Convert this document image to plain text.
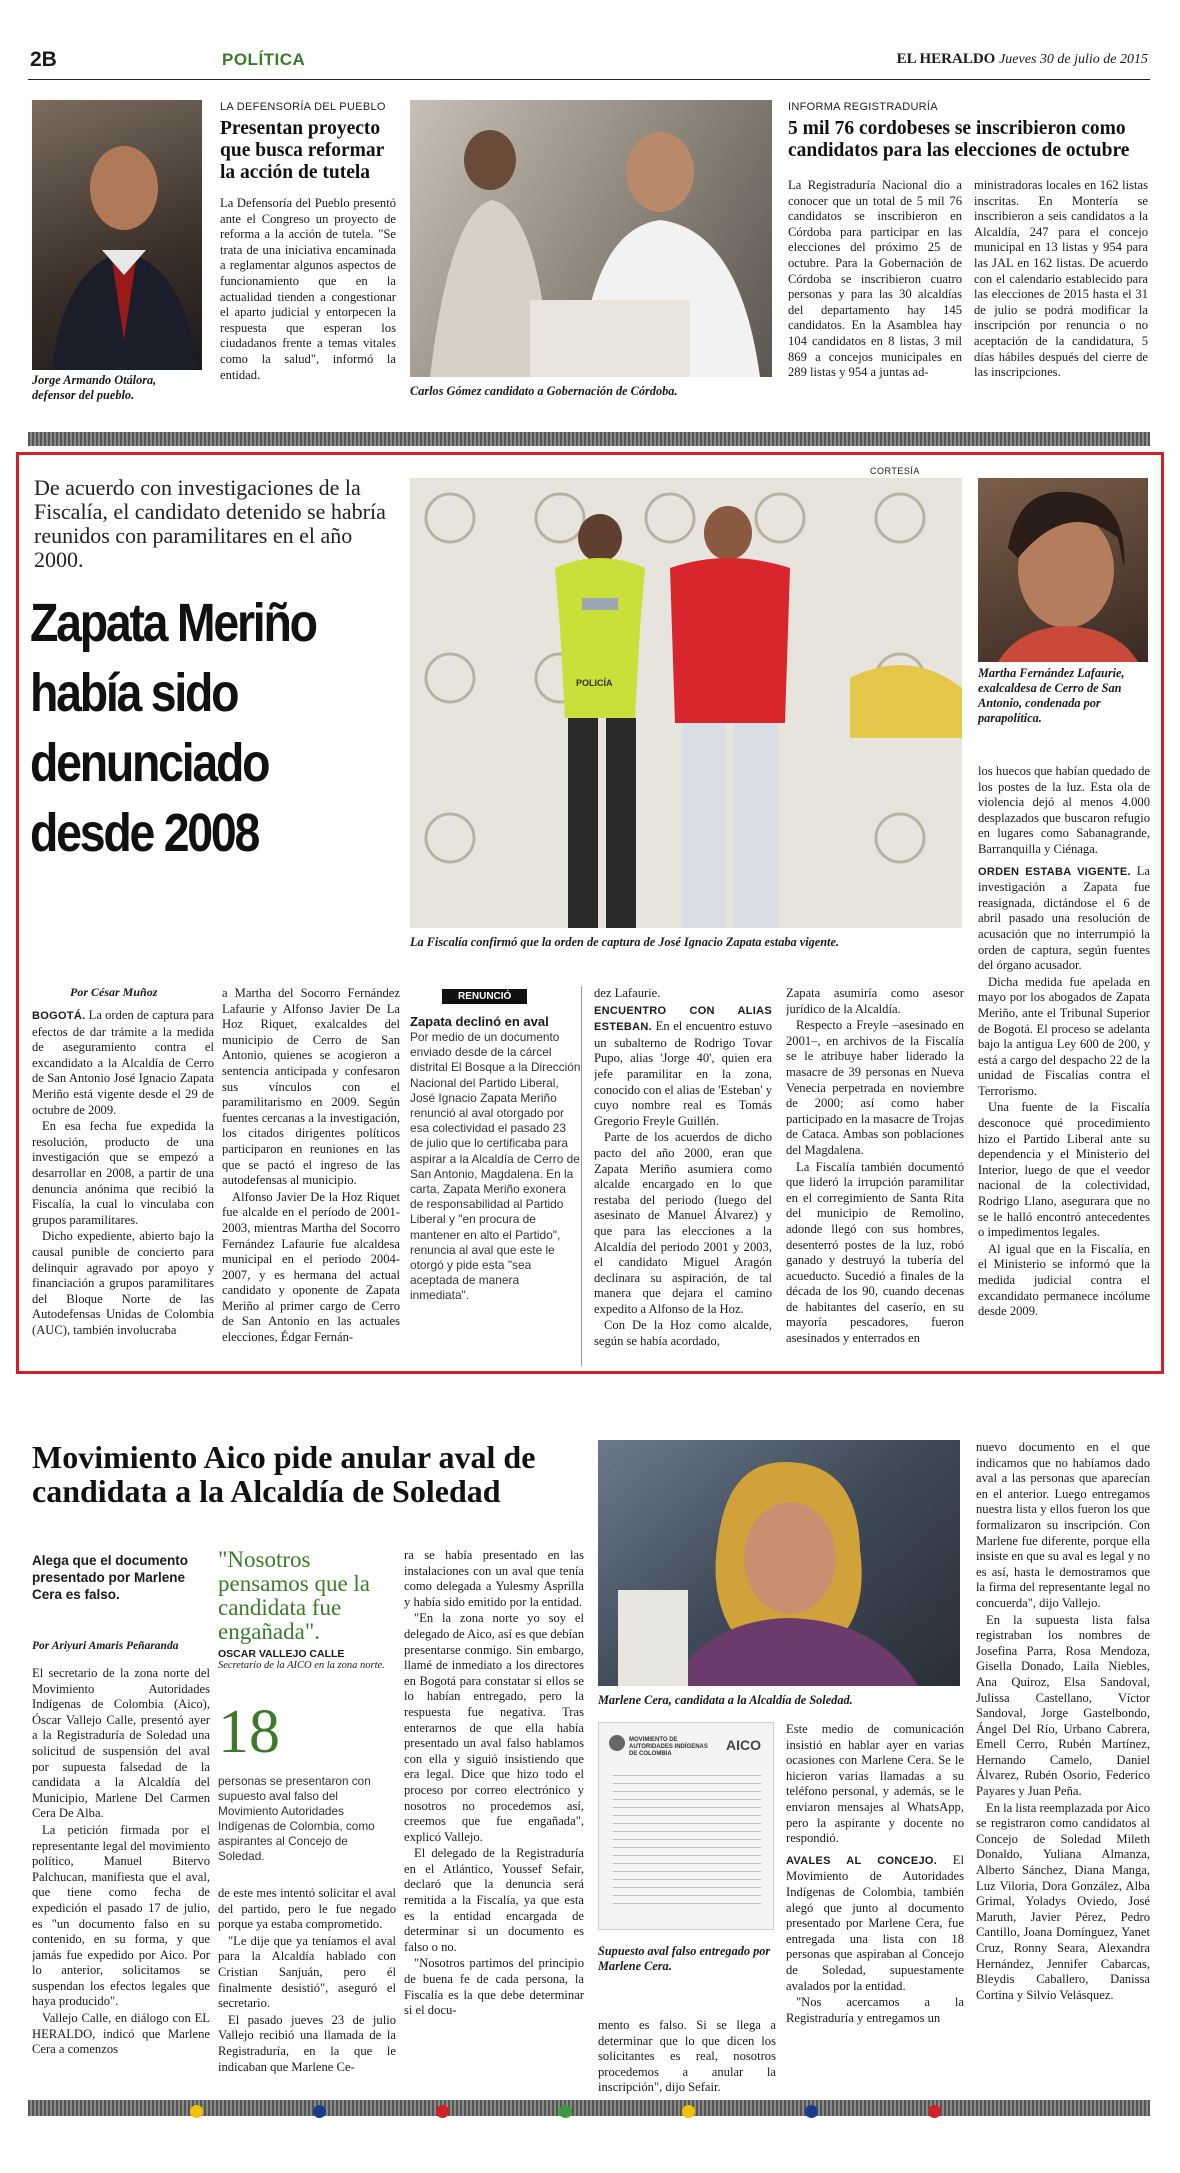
2B	POLÍTICA	EL HERALDO Jueves 30 de julio de 2015
Jorge Armando Otálora, defensor del pueblo.
LA DEFENSORÍA DEL PUEBLO
Presentan proyecto que busca reformar la acción de tutela

La Defensoría del Pueblo presentó ante el Congreso un proyecto de reforma a la acción de tutela. "Se trata de una iniciativa encaminada a reglamentar algunos aspectos de funcionamiento que en la actualidad tienden a congestionar el aparto judicial y entorpecen la respuesta que esperan los ciudadanos frente a temas vitales como la salud", informó la entidad.

Carlos Gómez candidato a Gobernación de Córdoba.
INFORMA REGISTRADURÍA
5 mil 76 cordobeses se inscribieron como candidatos para las elecciones de octubre

La Registraduría Nacional dio a conocer que un total de 5 mil 76 candidatos se inscribieron en Córdoba para participar en las elecciones del próximo 25 de octubre. Para la Gobernación de Córdoba se inscribieron cuatro personas y para las 30 alcaldías del departamento hay 145 candidatos. En la Asamblea hay 104 candidatos en 8 listas, 3 mil 869 a concejos municipales en 289 listas y 954 a juntas ad-

ministradoras locales en 162 listas inscritas. En Montería se inscribieron a seis candidatos a la Alcaldía, 247 para el concejo municipal en 13 listas y 954 para las JAL en 162 listas. De acuerdo con el calendario establecido para las elecciones de 2015 hasta el 31 de julio se podrá modificar la inscripción por renuncia o no aceptación de la candidatura, 5 días hábiles después del cierre de las inscripciones.

De acuerdo con investigaciones de la Fiscalía, el candidato detenido se habría reunidos con paramilitares en el año 2000.
Zapata Meriño
había sido
denunciado
desde 2008
CORTESÍA
POLICÍA
La Fiscalía confirmó que la orden de captura de José Ignacio Zapata estaba vigente.
Martha Fernández Lafaurie, exalcaldesa de Cerro de San Antonio, condenada por parapolítica.
Por César Muñoz

BOGOTÁ. La orden de captura para efectos de dar trámite a la medida de aseguramiento contra el excandidato a la Alcaldía de Cerro de San Antonio José Ignacio Zapata Meriño está vigente desde el 29 de octubre de 2009.

En esa fecha fue expedida la resolución, producto de una investigación que se empezó a desarrollar en 2008, a partir de una denuncia anónima que recibió la Fiscalía, la cual lo vinculaba con grupos paramilitares.

Dicho expediente, abierto bajo la causal punible de concierto para delinquir agravado por apoyo y financiación a grupos paramilitares del Bloque Norte de las Autodefensas Unidas de Colombia (AUC), también involucraba

a Martha del Socorro Fernández Lafaurie y Alfonso Javier De La Hoz Riquet, exalcaldes del municipio de Cerro de San Antonio, quienes se acogieron a sentencia anticipada y confesaron sus vínculos con el paramilitarismo en 2009. Según fuentes cercanas a la investigación, los citados dirigentes políticos participaron en reuniones en las que se pactó el ingreso de las autodefensas al municipio.

Alfonso Javier De la Hoz Riquet fue alcalde en el período de 2001-2003, mientras Martha del Socorro Fernández Lafaurie fue alcaldesa municipal en el periodo 2004-2007, y es hermana del actual candidato y oponente de Zapata Meriño al primer cargo de Cerro de San Antonio en las actuales elecciones, Édgar Fernán-

RENUNCIÓ
Zapata declinó en aval
Por medio de un documento enviado desde de la cárcel distrital El Bosque a la Dirección Nacional del Partido Liberal, José Ignacio Zapata Meriño renunció al aval otorgado por esa colectividad el pasado 23 de julio que lo certificaba para aspirar a la Alcaldía de Cerro de San Antonio, Magdalena. En la carta, Zapata Meriño exonera de responsabilidad al Partido Liberal y "en procura de mantener en alto el Partido", renuncia al aval que este le otorgó y pide esta "sea aceptada de manera inmediata".

dez Lafaurie.

ENCUENTRO CON ALIAS ESTEBAN. En el encuentro estuvo un subalterno de Rodrigo Tovar Pupo, alias 'Jorge 40', quien era jefe paramilitar en la zona, conocido con el alias de 'Esteban' y cuyo nombre real es Tomás Gregorio Freyle Guillén.

Parte de los acuerdos de dicho pacto del año 2000, eran que Zapata Meriño asumiera como alcalde encargado en lo que restaba del periodo (luego del asesinato de Manuel Álvarez) y que para las elecciones a la Alcaldía del periodo 2001 y 2003, el candidato Miguel Aragón declinara su aspiración, de tal manera que dejara el camino expedito a Alfonso de la Hoz.

Con De la Hoz como alcalde, según se había acordado,

Zapata asumiría como asesor jurídico de la Alcaldía.

Respecto a Freyle –asesinado en 2001–, en archivos de la Fiscalía se le atribuye haber liderado la masacre de 39 personas en Nueva Venecia perpetrada en noviembre de 2000; así como haber participado en la masacre de Trojas de Cataca. Ambas son poblaciones del Magdalena.

La Fiscalía también documentó que lideró la irrupción paramilitar en el corregimiento de Santa Rita del municipio de Remolino, adonde llegó con sus hombres, desenterró postes de la luz, robó ganado y destruyó la tubería del acueducto. Sucedió a finales de la década de los 90, cuando decenas de habitantes del caserío, en su mayoría pescadores, fueron asesinados y enterrados en

los huecos que habían quedado de los postes de la luz. Esta ola de violencia dejó al menos 4.000 desplazados que buscaron refugio en lugares como Sabanagrande, Barranquilla y Ciénaga.

ORDEN ESTABA VIGENTE. La investigación a Zapata fue reasignada, dictándose el 6 de abril pasado una resolución de acusación que no interrumpió la orden de captura, según fuentes del órgano acusador.

Dicha medida fue apelada en mayo por los abogados de Zapata Meriño, ante el Tribunal Superior de Bogotá. El proceso se adelanta bajo la antigua Ley 600 de 200, y está a cargo del despacho 22 de la unidad de Fiscalías contra el Terrorismo.

Una fuente de la Fiscalía desconoce qué procedimiento hizo el Partido Liberal ante su dependencia y el Ministerio del Interior, luego de que el veedor nacional de la colectividad, Rodrigo Llano, asegurara que no se le halló encontró antecedentes o impedimentos legales.

Al igual que en la Fiscalía, en el Ministerio se informó que la medida judicial contra el excandidato permanece incólume desde 2009.

Movimiento Aico pide anular aval de candidata a la Alcaldía de Soledad
Alega que el documento presentado por Marlene Cera es falso.
Por Ariyuri Amaris Peñaranda

El secretario de la zona norte del Movimiento Autoridades Indígenas de Colombia (Aico), Óscar Vallejo Calle, presentó ayer a la Registraduría de Soledad una solicitud de suspensión del aval por supuesta falsedad de la candidata a la Alcaldía del Municipio, Marlene Del Carmen Cera De Alba.

La petición firmada por el representante legal del movimiento político, Manuel Bitervo Palchucan, manifiesta que el aval, que tiene como fecha de expedición el pasado 17 de julio, es "un documento falso en su contenido, en su forma, y que jamás fue expedido por Aico. Por lo anterior, solicitamos se suspendan los efectos legales que haya producido".

Vallejo Calle, en diálogo con EL HERALDO, indicó que Marlene Cera a comenzos

"Nosotros pensamos que la candidata fue engañada".
OSCAR VALLEJO CALLE
Secretario de la AICO en la zona norte.
18
personas se presentaron con supuesto aval falso del Movimiento Autoridades Indígenas de Colombia, como aspirantes al Concejo de Soledad.

de este mes intentó solicitar el aval del partido, pero le fue negado porque ya estaba comprometido.

"Le dije que ya teníamos el aval para la Alcaldía hablado con Cristian Sanjuán, pero él finalmente desistió", aseguró el secretario.

El pasado jueves 23 de julio Vallejo recibió una llamada de la Registraduría, en la que le indicaban que Marlene Ce-

ra se había presentado en las instalaciones con un aval que tenía como delegada a Yulesmy Asprilla y había sido emitido por la entidad.

"En la zona norte yo soy el delegado de Aico, así es que debían presentarse conmigo. Sin embargo, llamé de inmediato a los directores en Bogotá para constatar si ellos se lo habían entregado, pero la respuesta fue negativa. Tras enterarnos de que ella había presentado un aval falso hablamos con ella y siguió insistiendo que era legal. Dice que hizo todo el proceso por correo electrónico y nosotros no procedemos así, creemos que fue engañada", explicó Vallejo.

El delegado de la Registraduría en el Atlántico, Youssef Sefair, declaró que la denuncia será remitida a la Fiscalía, ya que esta es la entidad encargada de determinar si un documento es falso o no.

"Nosotros partimos del principio de buena fe de cada persona, la Fiscalía es la que debe determinar si el docu-

Marlene Cera, candidata a la Alcaldía de Soledad.
MOVIMIENTO DE AUTORIDADES INDÍGENAS DE COLOMBIA
AICO
Supuesto aval falso entregado por Marlene Cera.

mento es falso. Si se llega a determinar que lo que dicen los solicitantes es real, nosotros procedemos a anular la inscripción", dijo Sefair.

Este medio de comunicación insistió en hablar ayer en varias ocasiones con Marlene Cera. Se le hicieron varias llamadas a su teléfono personal, y además, se le enviaron mensajes al WhatsApp, pero la aspirante y docente no respondió.

AVALES AL CONCEJO. El Movimiento de Autoridades Indígenas de Colombia, también alegó que junto al documento presentado por Marlene Cera, fue entregada una lista con 18 personas que aspiraban al Concejo de Soledad, supuestamente avalados por la entidad.

"Nos acercamos a la Registraduría y entregamos un

nuevo documento en el que indicamos que no habíamos dado aval a las personas que aparecían en el anterior. Luego entregamos nuestra lista y ellos fueron los que formalizaron su inscripción. Con Marlene fue diferente, porque ella insiste en que su aval es legal y no es así, hasta le demostramos que la firma del representante legal no concuerda", dijo Vallejo.

En la supuesta lista falsa registraban los nombres de Josefina Parra, Rosa Mendoza, Gisella Donado, Laila Niebles, Ana Quiroz, Elsa Sandoval, Julissa Castellano, Víctor Sandoval, Jorge Gastelbondo, Ángel Del Río, Urbano Cabrera, Emell Cerro, Rubén Martínez, Hernando Camelo, Daniel Álvarez, Rubén Osorio, Federico Payares y Juan Peña.

En la lista reemplazada por Aico se registraron como candidatos al Concejo de Soledad Mileth Donaldo, Yuliana Almanza, Alberto Sánchez, Diana Manga, Luz Viloria, Dora González, Alba Grimal, Yoladys Oviedo, José Maruth, Javier Pérez, Pedro Cantillo, Joana Domínguez, Yanet Cruz, Ronny Seara, Alexandra Hernández, Jennifer Cabarcas, Bleydis Caballero, Danissa Cortina y Silvio Velásquez.
